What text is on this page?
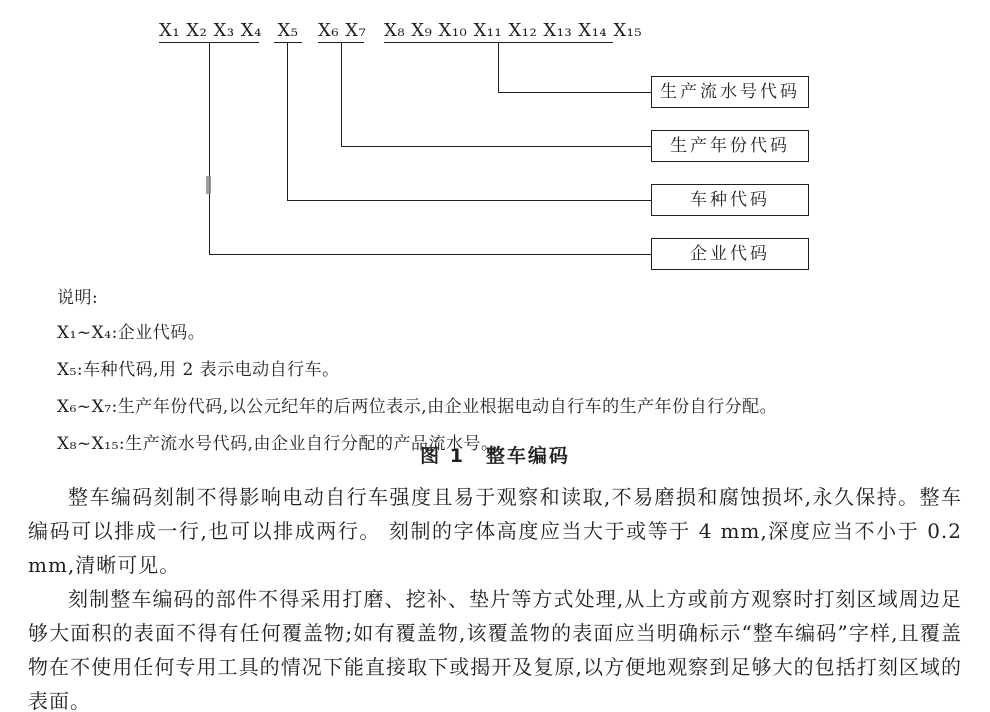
X₁ X₂ X₃ X₄ X₅ X₆ X₇ X₈ X₉ X₁₀ X₁₁ X₁₂ X₁₃ X₁₄ X₁₅
生产流水号代码
生产年份代码
车种代码
企业代码
说明:
X₁~X₄:企业代码。
X₅:车种代码,用 2 表示电动自行车。
X₆~X₇:生产年份代码,以公元纪年的后两位表示,由企业根据电动自行车的生产年份自行分配。
X₈~X₁₅:生产流水号代码,由企业自行分配的产品流水号。
图 1　整车编码

整车编码刻制不得影响电动自行车强度且易于观察和读取,不易磨损和腐蚀损坏,永久保持。整车编码可以排成一行,也可以排成两行。 刻制的字体高度应当大于或等于 4 mm,深度应当不小于 0.2 mm,清晰可见。

刻制整车编码的部件不得采用打磨、挖补、垫片等方式处理,从上方或前方观察时打刻区域周边足够大面积的表面不得有任何覆盖物;如有覆盖物,该覆盖物的表面应当明确标示“整车编码”字样,且覆盖物在不使用任何专用工具的情况下能直接取下或揭开及复原,以方便地观察到足够大的包括打刻区域的表面。
